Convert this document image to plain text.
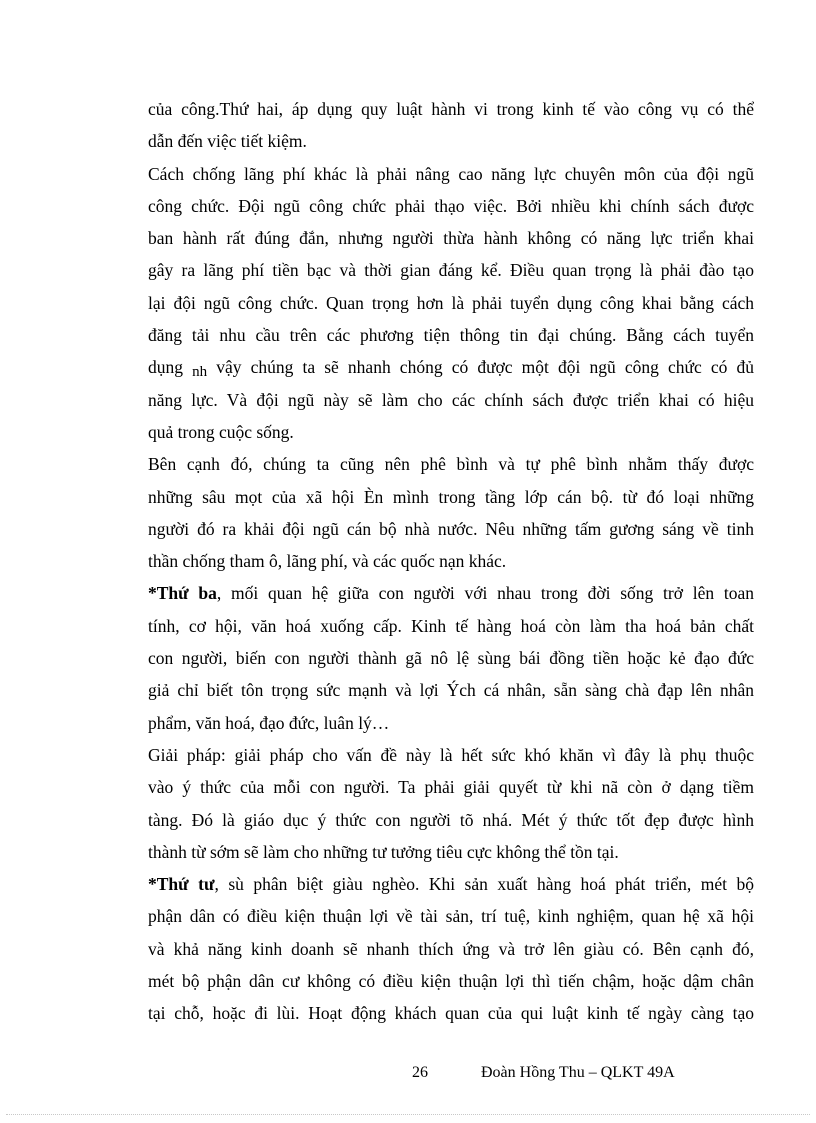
của công.Thứ hai, áp dụng quy luật hành vi trong kinh tế vào công vụ có thể
dẫn đến việc tiết kiệm.
Cách chống lãng phí khác là phải nâng cao năng lực chuyên môn của đội ngũ
công chức. Đội ngũ công chức phải thạo việc. Bởi nhiều khi chính sách được
ban hành rất đúng đắn, nhưng người thừa hành không có năng lực triển khai
gây ra lãng phí tiền bạc và thời gian đáng kể. Điều quan trọng là phải đào tạo
lại đội ngũ công chức. Quan trọng hơn là phải tuyển dụng công khai bằng cách
đăng tải nhu cầu trên các phương tiện thông tin đại chúng. Bằng cách tuyển
dụng nh vậy chúng ta sẽ nhanh chóng có được một đội ngũ công chức có đủ
năng lực. Và đội ngũ này sẽ làm cho các chính sách được triển khai có hiệu
quả trong cuộc sống.
Bên cạnh đó, chúng ta cũng nên phê bình và tự phê bình nhằm thấy được
những sâu mọt của xã hội Èn mình trong tầng lớp cán bộ. từ đó loại những
người đó ra khải đội ngũ cán bộ nhà nước. Nêu những tấm gương sáng về tinh
thần chống tham ô, lãng phí, và các quốc nạn khác.
*Thứ ba, mối quan hệ giữa con người với nhau trong đời sống trở lên toan
tính, cơ hội, văn hoá xuống cấp. Kinh tế hàng hoá còn làm tha hoá bản chất
con người, biến con người thành gã nô lệ sùng bái đồng tiền hoặc kẻ đạo đức
giả chỉ biết tôn trọng sức mạnh và lợi Ých cá nhân, sẵn sàng chà đạp lên nhân
phẩm, văn hoá, đạo đức, luân lý…
Giải pháp: giải pháp cho vấn đề này là hết sức khó khăn vì đây là phụ thuộc
vào ý thức của mỗi con người. Ta phải giải quyết từ khi nã còn ở dạng tiềm
tàng. Đó là giáo dục ý thức con người tõ nhá. Mét ý thức tốt đẹp được hình
thành từ sớm sẽ làm cho những tư tưởng tiêu cực không thể tồn tại.
*Thứ tư, sù phân biệt giàu nghèo. Khi sản xuất hàng hoá phát triển, mét bộ
phận dân có điều kiện thuận lợi về tài sản, trí tuệ, kinh nghiệm, quan hệ xã hội
và khả năng kinh doanh sẽ nhanh thích ứng và trở lên giàu có. Bên cạnh đó,
mét bộ phận dân cư không có điều kiện thuận lợi thì tiến chậm, hoặc dậm chân
tại chỗ, hoặc đi lùi. Hoạt động khách quan của qui luật kinh tế ngày càng tạo
26	Đoàn Hồng Thu – QLKT 49A
